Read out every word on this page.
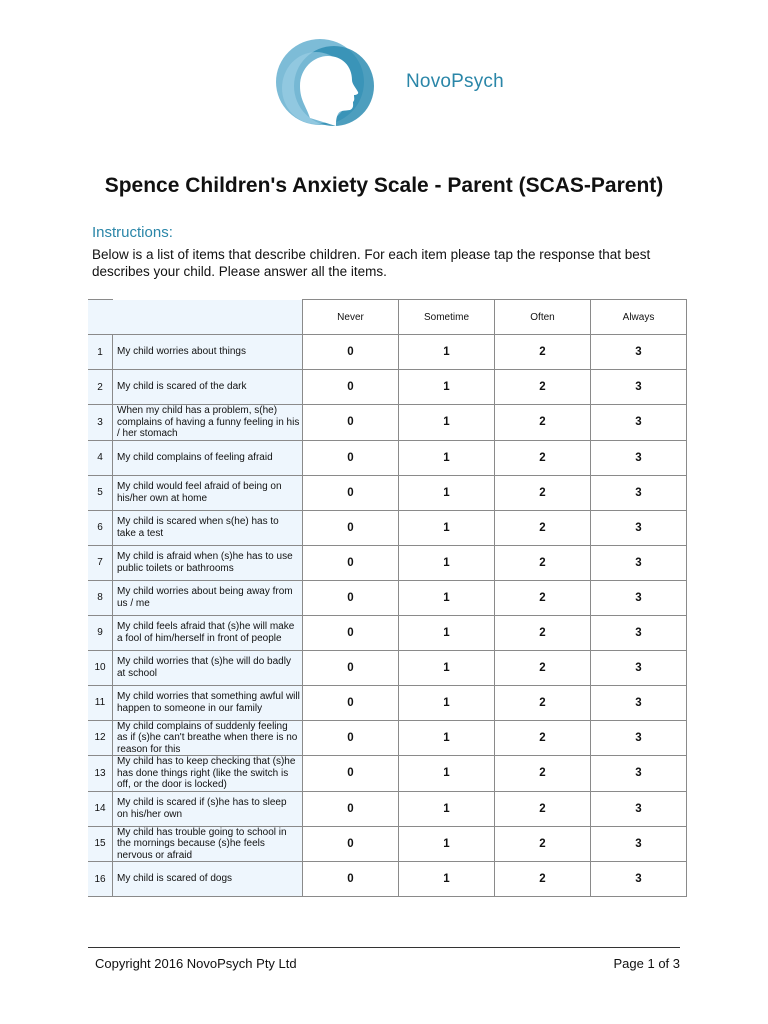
NovoPsych
Spence Children's Anxiety Scale - Parent (SCAS-Parent)
Instructions:
Below is a list of items that describe children. For each item please tap the response that best describes your child. Please answer all the items.
		Never	Sometime	Often	Always
1	My child worries about things	0	1	2	3
2	My child is scared of the dark	0	1	2	3
3	When my child has a problem, s(he) complains of having a funny feeling in his / her stomach	0	1	2	3
4	My child complains of feeling afraid	0	1	2	3
5	My child would feel afraid of being on his/her own at home	0	1	2	3
6	My child is scared when s(he) has to take a test	0	1	2	3
7	My child is afraid when (s)he has to use public toilets or bathrooms	0	1	2	3
8	My child worries about being away from us / me	0	1	2	3
9	My child feels afraid that (s)he will make a fool of him/herself in front of people	0	1	2	3
10	My child worries that (s)he will do badly at school	0	1	2	3
11	My child worries that something awful will happen to someone in our family	0	1	2	3
12	My child complains of suddenly feeling as if (s)he can't breathe when there is no reason for this	0	1	2	3
13	My child has to keep checking that (s)he has done things right (like the switch is off, or the door is locked)	0	1	2	3
14	My child is scared if (s)he has to sleep on his/her own	0	1	2	3
15	My child has trouble going to school in the mornings because (s)he feels nervous or afraid	0	1	2	3
16	My child is scared of dogs	0	1	2	3
Copyright 2016 NovoPsych Pty Ltd	Page 1 of 3
